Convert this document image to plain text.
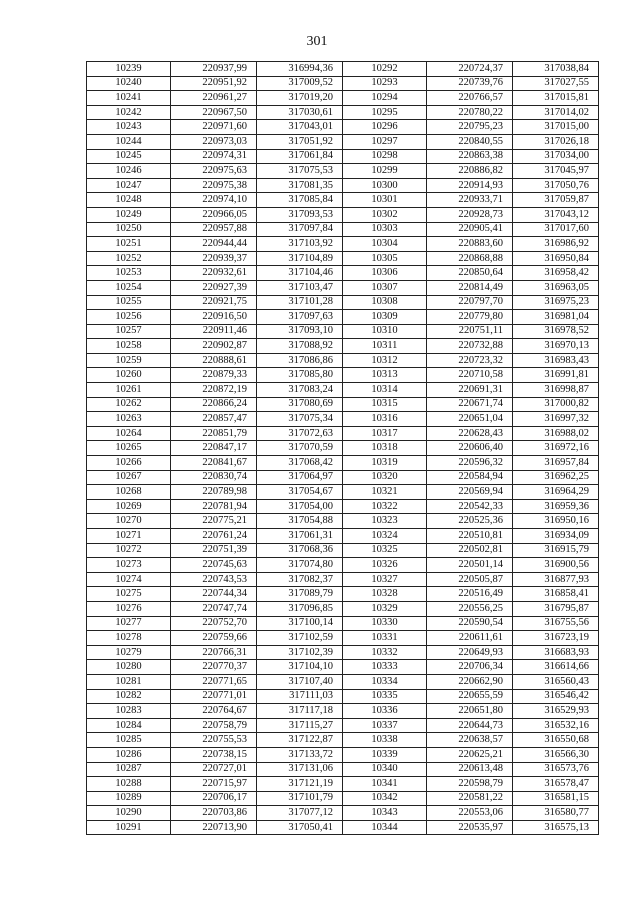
301
10239	220937,99	316994,36	10292	220724,37	317038,84
10240	220951,92	317009,52	10293	220739,76	317027,55
10241	220961,27	317019,20	10294	220766,57	317015,81
10242	220967,50	317030,61	10295	220780,22	317014,02
10243	220971,60	317043,01	10296	220795,23	317015,00
10244	220973,03	317051,92	10297	220840,55	317026,18
10245	220974,31	317061,84	10298	220863,38	317034,00
10246	220975,63	317075,53	10299	220886,82	317045,97
10247	220975,38	317081,35	10300	220914,93	317050,76
10248	220974,10	317085,84	10301	220933,71	317059,87
10249	220966,05	317093,53	10302	220928,73	317043,12
10250	220957,88	317097,84	10303	220905,41	317017,60
10251	220944,44	317103,92	10304	220883,60	316986,92
10252	220939,37	317104,89	10305	220868,88	316950,84
10253	220932,61	317104,46	10306	220850,64	316958,42
10254	220927,39	317103,47	10307	220814,49	316963,05
10255	220921,75	317101,28	10308	220797,70	316975,23
10256	220916,50	317097,63	10309	220779,80	316981,04
10257	220911,46	317093,10	10310	220751,11	316978,52
10258	220902,87	317088,92	10311	220732,88	316970,13
10259	220888,61	317086,86	10312	220723,32	316983,43
10260	220879,33	317085,80	10313	220710,58	316991,81
10261	220872,19	317083,24	10314	220691,31	316998,87
10262	220866,24	317080,69	10315	220671,74	317000,82
10263	220857,47	317075,34	10316	220651,04	316997,32
10264	220851,79	317072,63	10317	220628,43	316988,02
10265	220847,17	317070,59	10318	220606,40	316972,16
10266	220841,67	317068,42	10319	220596,32	316957,84
10267	220830,74	317064,97	10320	220584,94	316962,25
10268	220789,98	317054,67	10321	220569,94	316964,29
10269	220781,94	317054,00	10322	220542,33	316959,36
10270	220775,21	317054,88	10323	220525,36	316950,16
10271	220761,24	317061,31	10324	220510,81	316934,09
10272	220751,39	317068,36	10325	220502,81	316915,79
10273	220745,63	317074,80	10326	220501,14	316900,56
10274	220743,53	317082,37	10327	220505,87	316877,93
10275	220744,34	317089,79	10328	220516,49	316858,41
10276	220747,74	317096,85	10329	220556,25	316795,87
10277	220752,70	317100,14	10330	220590,54	316755,56
10278	220759,66	317102,59	10331	220611,61	316723,19
10279	220766,31	317102,39	10332	220649,93	316683,93
10280	220770,37	317104,10	10333	220706,34	316614,66
10281	220771,65	317107,40	10334	220662,90	316560,43
10282	220771,01	317111,03	10335	220655,59	316546,42
10283	220764,67	317117,18	10336	220651,80	316529,93
10284	220758,79	317115,27	10337	220644,73	316532,16
10285	220755,53	317122,87	10338	220638,57	316550,68
10286	220738,15	317133,72	10339	220625,21	316566,30
10287	220727,01	317131,06	10340	220613,48	316573,76
10288	220715,97	317121,19	10341	220598,79	316578,47
10289	220706,17	317101,79	10342	220581,22	316581,15
10290	220703,86	317077,12	10343	220553,06	316580,77
10291	220713,90	317050,41	10344	220535,97	316575,13
